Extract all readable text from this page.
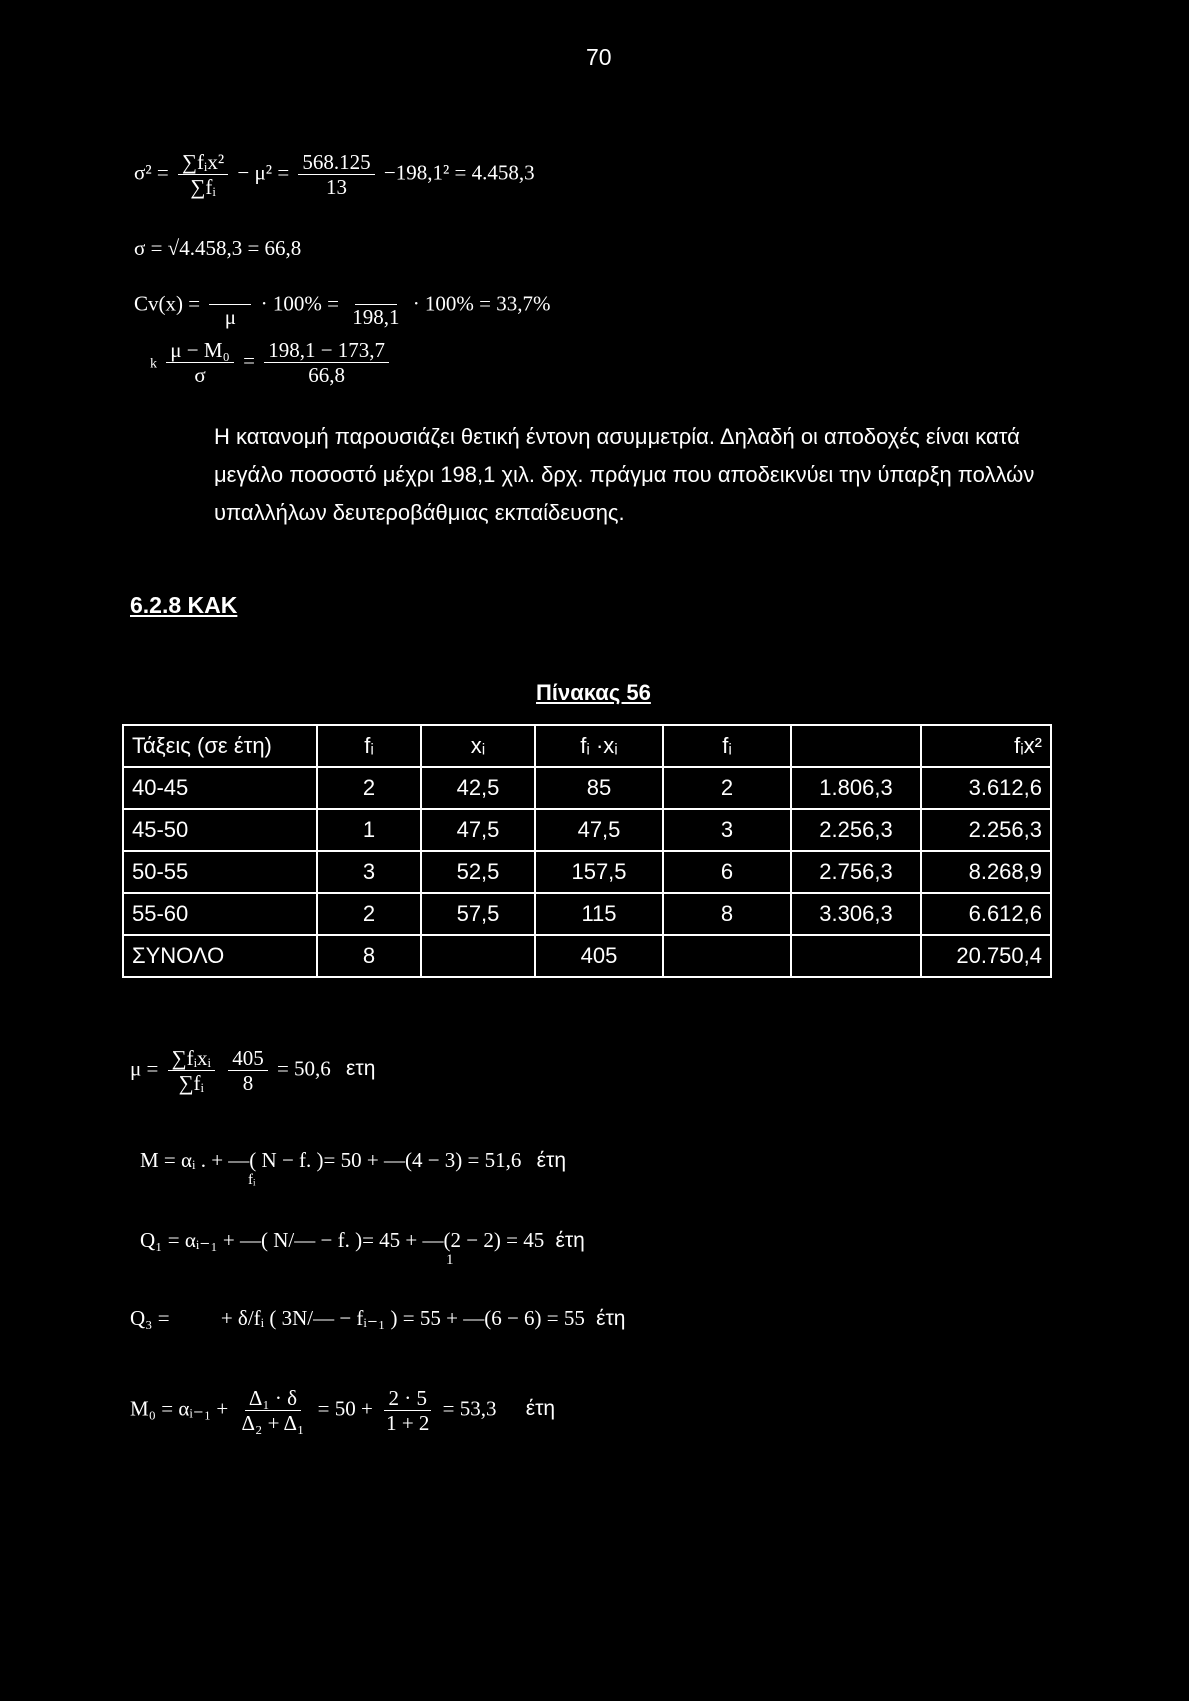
70
$\sigma^2 = \frac{\text{∑fᵢx²}}{\text{∑fᵢ}} - \mu^2 = \frac{568.125}{13} -198,1^2 = 4.458,3$
σ = √4.458,3 = 66,8
Cv(x) =
μ
· 100% =
198,1
· 100% = 33,7%
k $\frac{\text{μ − M₀}}{\sigma} = \frac{198,1 - 173,7}{66,8}$
Η κατανομή παρουσιάζει θετική έντονη ασυμμετρία. Δηλαδή οι αποδοχές είναι κατά μεγάλο ποσοστό μέχρι 198,1 χιλ. δρχ. πράγμα που αποδεικνύει την ύπαρξη πολλών υπαλλήλων δευτεροβάθμιας εκπαίδευσης.
6.2.8 ΚΑΚ
Πίνακας 56
Τάξεις (σε έτη)	fᵢ	xᵢ	fᵢ ·xᵢ	fᵢ		fᵢx²
40-45	2	42,5	85	2	1.806,3	3.612,6
45-50	1	47,5	47,5	3	2.256,3	2.256,3
50-55	3	52,5	157,5	6	2.756,3	8.268,9
55-60	2	57,5	115	8	3.306,3	6.612,6
ΣΥΝΟΛΟ	8		405			20.750,4
$\mu = \frac{\text{∑fᵢxᵢ}}{\text{∑fᵢ}}$
$\frac{405}{8} = 50,6$ ετη
M = αᵢ . + —( N − f. )= 50 + —(4 − 3) = 51,6 έτη
fᵢ
Q₁ = αᵢ₋₁ + —( N/— − f. )= 45 + —(2 − 2) = 45 έτη
1
Q₃ = + δ/fᵢ ( 3N/— − fᵢ₋₁ ) = 55 + —(6 − 6) = 55 έτη
M₀ = αᵢ₋₁ + $\frac{\text{Δ₁ · δ}}{\text{Δ₂ + Δ₁}} = 50 + \frac{2 \cdot 5}{1 + 2} = 53,3$ έτη
